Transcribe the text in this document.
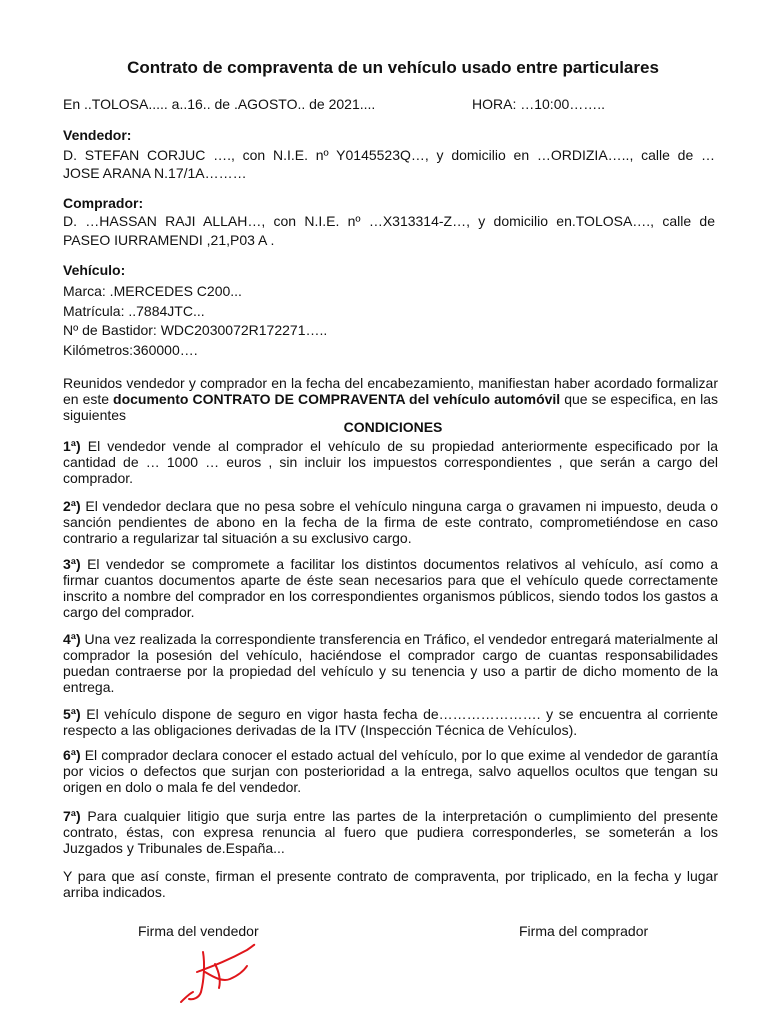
Contrato de compraventa de un vehículo usado entre particulares
En ..TOLOSA..... a..16.. de .AGOSTO.. de 2021....	HORA: …10:00……..
Vendedor:
D. STEFAN CORJUC …., con N.I.E. nº Y0145523Q…, y domicilio en …ORDIZIA….., calle de …
JOSE ARANA N.17/1A………
Comprador:
D. …HASSAN RAJI ALLAH…, con N.I.E. nº …X313314-Z…, y domicilio en.TOLOSA…., calle de
PASEO IURRAMENDI ,21,P03 A .
Vehículo:
Marca: .MERCEDES C200...
Matrícula: ..7884JTC...
Nº de Bastidor: WDC2030072R172271…..
Kilómetros:360000….

Reunidos vendedor y comprador en la fecha del encabezamiento, manifiestan haber acordado formalizar en este documento CONTRATO DE COMPRAVENTA del vehículo automóvil que se especifica, en las siguientes

CONDICIONES

1ª) El vendedor vende al comprador el vehículo de su propiedad anteriormente especificado por la cantidad de … 1000 … euros , sin incluir los impuestos correspondientes , que serán a cargo del comprador.

2ª) El vendedor declara que no pesa sobre el vehículo ninguna carga o gravamen ni impuesto, deuda o sanción pendientes de abono en la fecha de la firma de este contrato, comprometiéndose en caso contrario a regularizar tal situación a su exclusivo cargo.

3ª) El vendedor se compromete a facilitar los distintos documentos relativos al vehículo, así como a firmar cuantos documentos aparte de éste sean necesarios para que el vehículo quede correctamente inscrito a nombre del comprador en los correspondientes organismos públicos, siendo todos los gastos a cargo del comprador.

4ª) Una vez realizada la correspondiente transferencia en Tráfico, el vendedor entregará materialmente al comprador la posesión del vehículo, haciéndose el comprador cargo de cuantas responsabilidades puedan contraerse por la propiedad del vehículo y su tenencia y uso a partir de dicho momento de la entrega.

5ª) El vehículo dispone de seguro en vigor hasta fecha de…………………. y se encuentra al corriente respecto a las obligaciones derivadas de la ITV (Inspección Técnica de Vehículos).

6ª) El comprador declara conocer el estado actual del vehículo, por lo que exime al vendedor de garantía por vicios o defectos que surjan con posterioridad a la entrega, salvo aquellos ocultos que tengan su origen en dolo o mala fe del vendedor.

7ª) Para cualquier litigio que surja entre las partes de la interpretación o cumplimiento del presente contrato, éstas, con expresa renuncia al fuero que pudiera corresponderles, se someterán a los Juzgados y Tribunales de.España...

Y para que así conste, firman el presente contrato de compraventa, por triplicado, en la fecha y lugar arriba indicados.

Firma del vendedor	Firma del comprador
